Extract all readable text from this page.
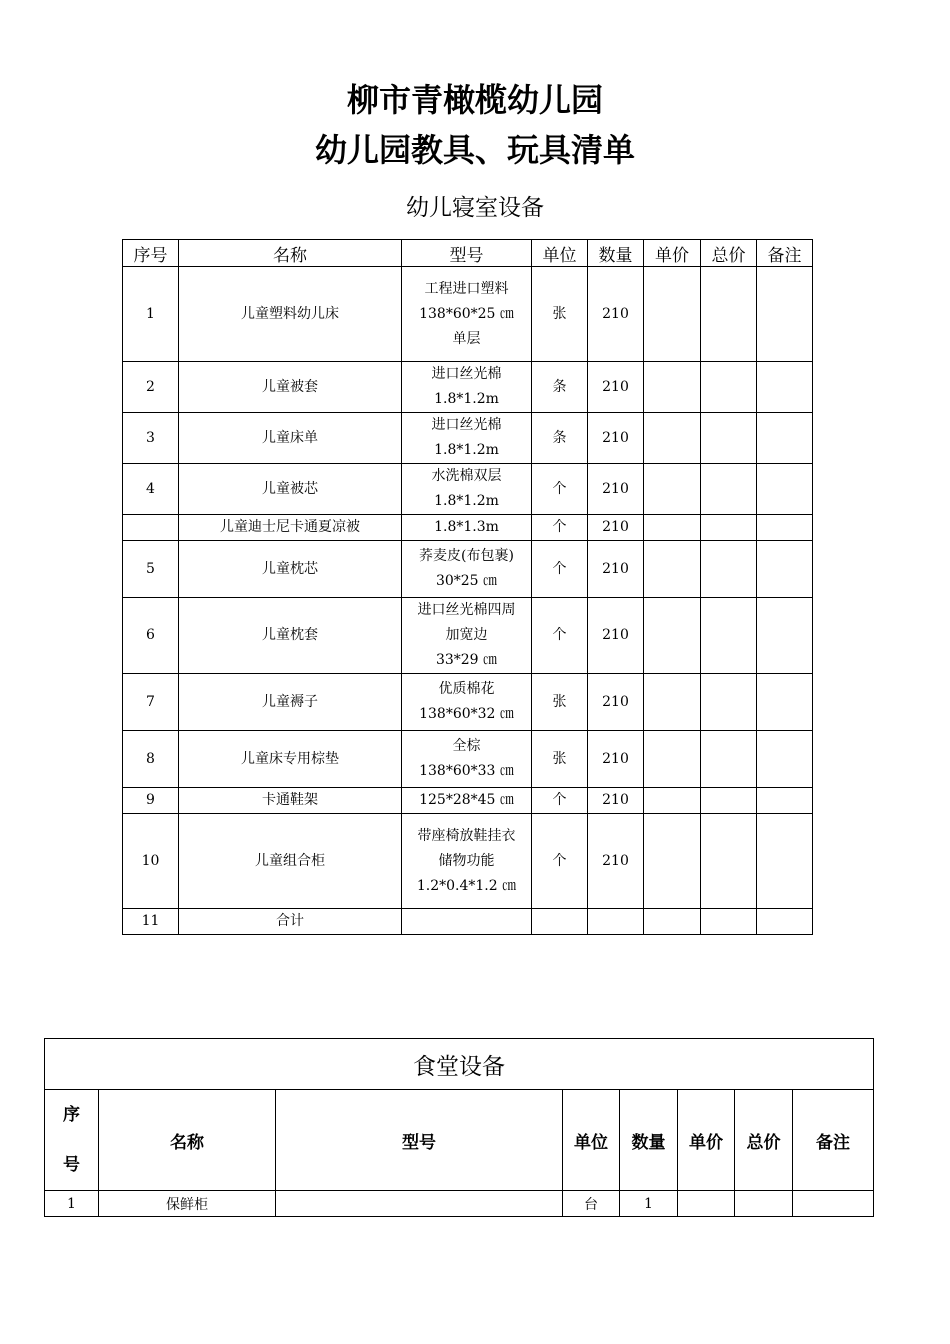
柳市青橄榄幼儿园
幼儿园教具、玩具清单
幼儿寝室设备
序号	名称	型号	单位	数量	单价	总价	备注
1	儿童塑料幼儿床	工程进口塑料
138*60*25 ㎝
单层	张	210			
2	儿童被套	进口丝光棉
1.8*1.2m	条	210			
3	儿童床单	进口丝光棉
1.8*1.2m	条	210			
4	儿童被芯	水洗棉双层
1.8*1.2m	个	210			
	儿童迪士尼卡通夏凉被	1.8*1.3m	个	210			
5	儿童枕芯	荞麦皮(布包裹)
30*25 ㎝	个	210			
6	儿童枕套	进口丝光棉四周
加宽边
33*29 ㎝	个	210			
7	儿童褥子	优质棉花
138*60*32 ㎝	张	210			
8	儿童床专用棕垫	全棕
138*60*33 ㎝	张	210			
9	卡通鞋架	125*28*45 ㎝	个	210			
10	儿童组合柜	带座椅放鞋挂衣
储物功能
1.2*0.4*1.2 ㎝	个	210			
11	合计						
食堂设备							
序号	名称	型号	单位	数量	单价	总价	备注
1	保鲜柜		台	1			
